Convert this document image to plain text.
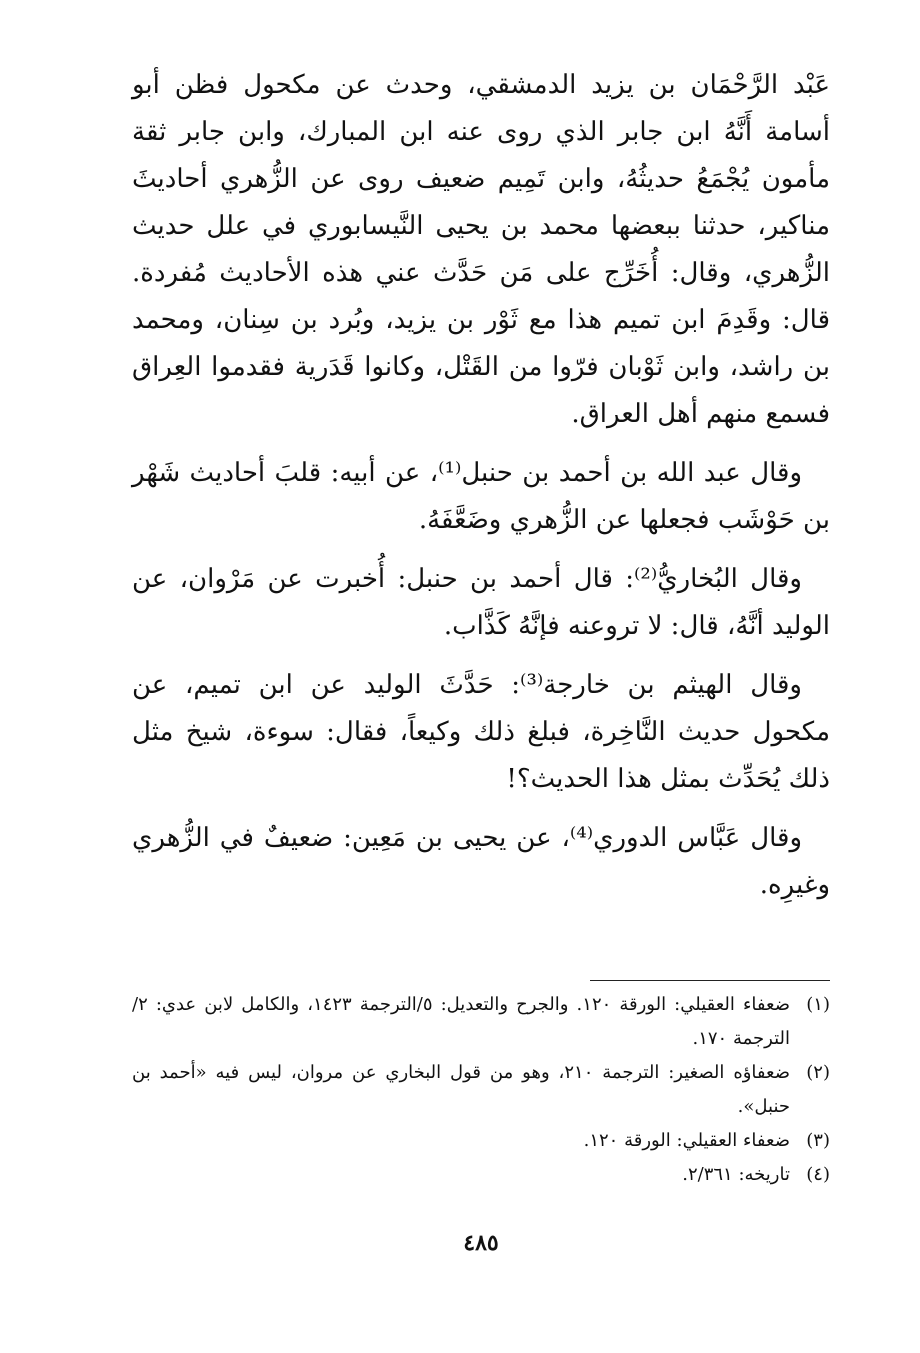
عَبْد الرَّحْمَان بن يزيد الدمشقي، وحدث عن مكحول فظن أبو أسامة أَنَّهُ ابن جابر الذي روى عنه ابن المبارك، وابن جابر ثقة مأمون يُجْمَعُ حديثُهُ، وابن تَمِيم ضعيف روى عن الزُّهري أحاديثَ مناكير، حدثنا ببعضها محمد بن يحيى النَّيسابوري في علل حديث الزُّهري، وقال: أُخَرِّج على مَن حَدَّث عني هذه الأحاديث مُفردة. قال: وقَدِمَ ابن تميم هذا مع ثَوْر بن يزيد، وبُرد بن سِنان، ومحمد بن راشد، وابن ثَوْبان فرّوا من القَتْل، وكانوا قَدَرية فقدموا العِراق فسمع منهم أهل العراق.

وقال عبد الله بن أحمد بن حنبل⁽¹⁾، عن أبيه: قلبَ أحاديث شَهْر بن حَوْشَب فجعلها عن الزُّهري وضَعَّفَهُ.

وقال البُخاريُّ⁽²⁾: قال أحمد بن حنبل: أُخبرت عن مَرْوان، عن الوليد أنَّهُ، قال: لا تروعنه فإنَّهُ كَذَّاب.

وقال الهيثم بن خارجة⁽³⁾: حَدَّثَ الوليد عن ابن تميم، عن مكحول حديث النَّاخِرة، فبلغ ذلك وكيعاً، فقال: سوءة، شيخ مثل ذلك يُحَدِّث بمثل هذا الحديث؟!

وقال عَبَّاس الدوري⁽⁴⁾، عن يحيى بن مَعِين: ضعيفٌ في الزُّهري وغيرِه.

(١)
ضعفاء العقيلي: الورقة ١٢٠. والجرح والتعديل: ٥/الترجمة ١٤٢٣، والكامل لابن عدي: ٢/الترجمة ١٧٠.
(٢)
ضعفاؤه الصغير: الترجمة ٢١٠، وهو من قول البخاري عن مروان، ليس فيه «أحمد بن حنبل».
(٣)
ضعفاء العقيلي: الورقة ١٢٠.
(٤)
تاريخه: ٢/٣٦١.
٤٨٥
